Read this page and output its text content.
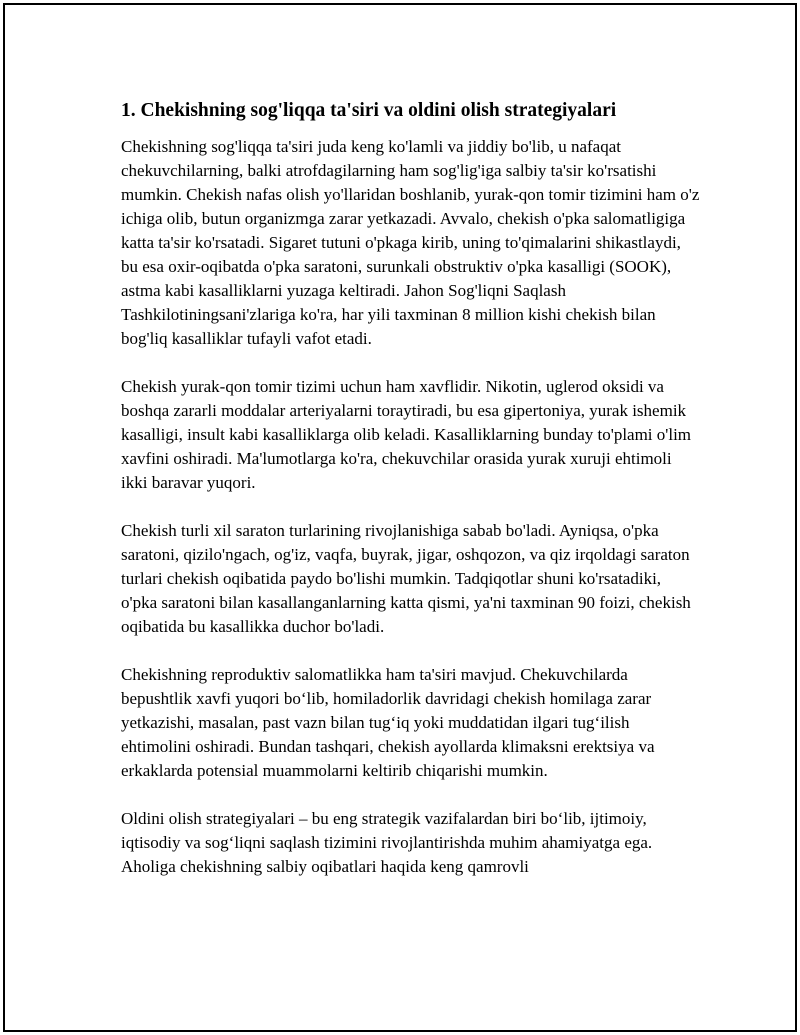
1. Chekishning sog'liqqa ta'siri va oldini olish strategiyalari

Chekishning sog'liqqa ta'siri juda keng ko'lamli va jiddiy bo'lib, u nafaqat chekuvchilarning, balki atrofdagilarning ham sog'lig'iga salbiy ta'sir ko'rsatishi mumkin. Chekish nafas olish yo'llaridan boshlanib, yurak-qon tomir tizimini ham o'z ichiga olib, butun organizmga zarar yetkazadi. Avvalo, chekish o'pka salomatligiga katta ta'sir ko'rsatadi. Sigaret tutuni o'pkaga kirib, uning to'qimalarini shikastlaydi, bu esa oxir-oqibatda o'pka saratoni, surunkali obstruktiv o'pka kasalligi (SOOK), astma kabi kasalliklarni yuzaga keltiradi. Jahon Sog'liqni Saqlash Tashkilotiningsani'zlariga ko'ra, har yili taxminan 8 million kishi chekish bilan bog'liq kasalliklar tufayli vafot etadi.

Chekish yurak-qon tomir tizimi uchun ham xavflidir. Nikotin, uglerod oksidi va boshqa zararli moddalar arteriyalarni toraytiradi, bu esa gipertoniya, yurak ishemik kasalligi, insult kabi kasalliklarga olib keladi. Kasalliklarning bunday to'plami o'lim xavfini oshiradi. Ma'lumotlarga ko'ra, chekuvchilar orasida yurak xuruji ehtimoli ikki baravar yuqori.

Chekish turli xil saraton turlarining rivojlanishiga sabab bo'ladi. Ayniqsa, o'pka saratoni, qizilo'ngach, og'iz, vaqfa, buyrak, jigar, oshqozon, va qiz irqoldagi saraton turlari chekish oqibatida paydo bo'lishi mumkin. Tadqiqotlar shuni ko'rsatadiki, o'pka saratoni bilan kasallanganlarning katta qismi, ya'ni taxminan 90 foizi, chekish oqibatida bu kasallikka duchor bo'ladi.

Chekishning reproduktiv salomatlikka ham ta'siri mavjud. Chekuvchilarda bepushtlik xavfi yuqori bo‘lib, homiladorlik davridagi chekish homilaga zarar yetkazishi, masalan, past vazn bilan tug‘iq yoki muddatidan ilgari tug‘ilish ehtimolini oshiradi. Bundan tashqari, chekish ayollarda klimaksni erektsiya va erkaklarda potensial muammolarni keltirib chiqarishi mumkin.

Oldini olish strategiyalari – bu eng strategik vazifalardan biri bo‘lib, ijtimoiy, iqtisodiy va sog‘liqni saqlash tizimini rivojlantirishda muhim ahamiyatga ega. Aholiga chekishning salbiy oqibatlari haqida keng qamrovli
